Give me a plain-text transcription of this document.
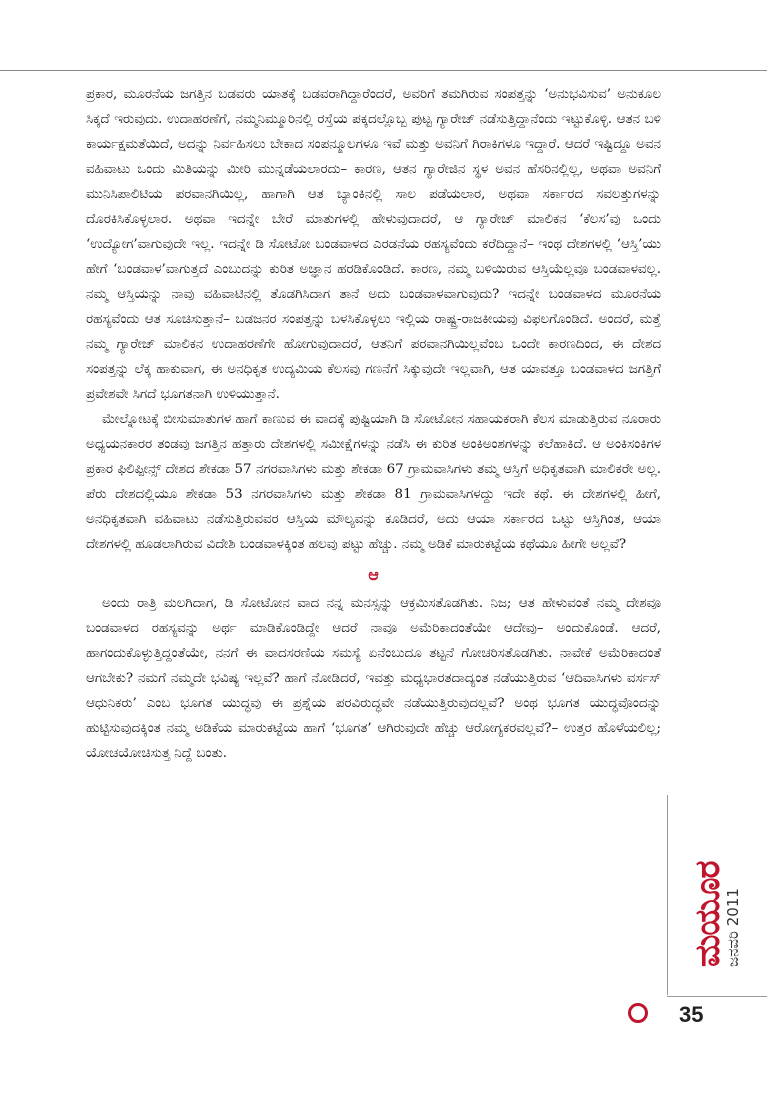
ಪ್ರಕಾರ, ಮೂರನೆಯ ಜಗತ್ತಿನ ಬಡವರು ಯಾತಕ್ಕೆ ಬಡವರಾಗಿದ್ದಾರೆಂದರೆ, ಅವರಿಗೆ ತಮಗಿರುವ ಸಂಪತ್ತನ್ನು ‘ಅನುಭವಿಸುವ’ ಅನುಕೂಲ ಸಿಕ್ಕದೆ ಇರುವುದು. ಉದಾಹರಣೆಗೆ, ನಮ್ಮನಿಮ್ಮೂರಿನಲ್ಲಿ ರಸ್ತೆಯ ಪಕ್ಕದಲ್ಲೊಬ್ಬ ಪುಟ್ಟ ಗ್ಯಾರೇಜ್ ನಡೆಸುತ್ತಿದ್ದಾನೆಂದು ಇಟ್ಟುಕೊಳ್ಳಿ. ಆತನ ಬಳಿ ಕಾರ್ಯಕ್ಷಮತೆಯಿದೆ, ಅದನ್ನು ನಿರ್ವಹಿಸಲು ಬೇಕಾದ ಸಂಪನ್ಮೂಲಗಳೂ ಇವೆ ಮತ್ತು ಅವನಿಗೆ ಗಿರಾಕಿಗಳೂ ಇದ್ದಾರೆ. ಆದರೆ ಇಷ್ಟಿದ್ದೂ ಅವನ ವಹಿವಾಟು ಒಂದು ಮಿತಿಯನ್ನು ಮೀರಿ ಮುನ್ನಡೆಯಲಾರದು– ಕಾರಣ, ಆತನ ಗ್ಯಾರೇಜಿನ ಸ್ಥಳ ಅವನ ಹೆಸರಿನಲ್ಲಿಲ್ಲ, ಅಥವಾ ಅವನಿಗೆ ಮುನಿಸಿಪಾಲಿಟಿಯ ಪರವಾನಗಿಯಿಲ್ಲ, ಹಾಗಾಗಿ ಆತ ಬ್ಯಾಂಕಿನಲ್ಲಿ ಸಾಲ ಪಡೆಯಲಾರ, ಅಥವಾ ಸರ್ಕಾರದ ಸವಲತ್ತುಗಳನ್ನು ದೊರಕಿಸಿಕೊಳ್ಳಲಾರ. ಅಥವಾ ಇದನ್ನೇ ಬೇರೆ ಮಾತುಗಳಲ್ಲಿ ಹೇಳುವುದಾದರೆ, ಆ ಗ್ಯಾರೇಜ್ ಮಾಲಿಕನ ‘ಕೆಲಸ’ವು ಒಂದು ‘ಉದ್ಯೋಗ’ವಾಗುವುದೇ ಇಲ್ಲ. ಇದನ್ನೇ ಡಿ ಸೋಟೋ ಬಂಡವಾಳದ ಎರಡನೆಯ ರಹಸ್ಯವೆಂದು ಕರೆದಿದ್ದಾನೆ– ಇಂಥ ದೇಶಗಳಲ್ಲಿ ‘ಆಸ್ತಿ’ಯು ಹೇಗೆ ‘ಬಂಡವಾಳ’ವಾಗುತ್ತದೆ ಎಂಬುದನ್ನು ಕುರಿತ ಅಜ್ಞಾನ ಹರಡಿಕೊಂಡಿದೆ. ಕಾರಣ, ನಮ್ಮ ಬಳಿಯಿರುವ ಆಸ್ತಿಯೆಲ್ಲವೂ ಬಂಡವಾಳವಲ್ಲ. ನಮ್ಮ ಆಸ್ತಿಯನ್ನು ನಾವು ವಹಿವಾಟಿನಲ್ಲಿ ತೊಡಗಿಸಿದಾಗ ತಾನೆ ಅದು ಬಂಡವಾಳವಾಗುವುದು? ಇದನ್ನೇ ಬಂಡವಾಳದ ಮೂರನೆಯ ರಹಸ್ಯವೆಂದು ಆತ ಸೂಚಿಸುತ್ತಾನೆ– ಬಡಜನರ ಸಂಪತ್ತನ್ನು ಬಳಸಿಕೊಳ್ಳಲು ಇಲ್ಲಿಯ ರಾಷ್ಟ್ರ-ರಾಜಕೀಯವು ವಿಫಲಗೊಂಡಿದೆ. ಅಂದರೆ, ಮತ್ತೆ ನಮ್ಮ ಗ್ಯಾರೇಜ್ ಮಾಲಿಕನ ಉದಾಹರಣೆಗೇ ಹೋಗುವುದಾದರೆ, ಆತನಿಗೆ ಪರವಾನಗಿಯಿಲ್ಲವೆಂಬ ಒಂದೇ ಕಾರಣದಿಂದ, ಈ ದೇಶದ ಸಂಪತ್ತನ್ನು ಲೆಕ್ಕ ಹಾಕುವಾಗ, ಈ ಅನಧಿಕೃತ ಉದ್ಯಮಿಯ ಕೆಲಸವು ಗಣನೆಗೆ ಸಿಕ್ಕುವುದೇ ಇಲ್ಲವಾಗಿ, ಆತ ಯಾವತ್ತೂ ಬಂಡವಾಳದ ಜಗತ್ತಿಗೆ ಪ್ರವೇಶವೇ ಸಿಗದೆ ಭೂಗತನಾಗಿ ಉಳಿಯುತ್ತಾನೆ.

ಮೇಲ್ನೋಟಕ್ಕೆ ಬೀಸುಮಾತುಗಳ ಹಾಗೆ ಕಾಣುವ ಈ ವಾದಕ್ಕೆ ಪುಷ್ಟಿಯಾಗಿ ಡಿ ಸೋಟೋನ ಸಹಾಯಕರಾಗಿ ಕೆಲಸ ಮಾಡುತ್ತಿರುವ ನೂರಾರು ಅಧ್ಯಯನಕಾರರ ತಂಡವು ಜಗತ್ತಿನ ಹತ್ತಾರು ದೇಶಗಳಲ್ಲಿ ಸಮೀಕ್ಷೆಗಳನ್ನು ನಡೆಸಿ ಈ ಕುರಿತ ಅಂಕಿಅಂಶಗಳನ್ನು ಕಲೆಹಾಕಿದೆ. ಆ ಅಂಕಿಸಂಕಿಗಳ ಪ್ರಕಾರ ಫಿಲಿಪ್ಪೀನ್ಸ್ ದೇಶದ ಶೇಕಡಾ 57 ನಗರವಾಸಿಗಳು ಮತ್ತು ಶೇಕಡಾ 67 ಗ್ರಾಮವಾಸಿಗಳು ತಮ್ಮ ಆಸ್ತಿಗೆ ಅಧಿಕೃತವಾಗಿ ಮಾಲಿಕರೇ ಅಲ್ಲ. ಪೆರು ದೇಶದಲ್ಲಿಯೂ ಶೇಕಡಾ 53 ನಗರವಾಸಿಗಳು ಮತ್ತು ಶೇಕಡಾ 81 ಗ್ರಾಮವಾಸಿಗಳದ್ದು ಇದೇ ಕಥೆ. ಈ ದೇಶಗಳಲ್ಲಿ ಹೀಗೆ, ಅನಧಿಕೃತವಾಗಿ ವಹಿವಾಟು ನಡೆಸುತ್ತಿರುವವರ ಆಸ್ತಿಯ ಮೌಲ್ಯವನ್ನು ಕೂಡಿದರೆ, ಅದು ಆಯಾ ಸರ್ಕಾರದ ಒಟ್ಟು ಆಸ್ತಿಗಿಂತ, ಆಯಾ ದೇಶಗಳಲ್ಲಿ ಹೂಡಲಾಗಿರುವ ವಿದೇಶಿ ಬಂಡವಾಳಕ್ಕಿಂತ ಹಲವು ಪಟ್ಟು ಹೆಚ್ಚು. ನಮ್ಮ ಅಡಿಕೆ ಮಾರುಕಟ್ಟೆಯ ಕಥೆಯೂ ಹೀಗೇ ಅಲ್ಲವೆ?

ಆ

ಅಂದು ರಾತ್ರಿ ಮಲಗಿದಾಗ, ಡಿ ಸೋಟೋನ ವಾದ ನನ್ನ ಮನಸ್ಸನ್ನು ಆಕ್ರಮಿಸತೊಡಗಿತು. ನಿಜ; ಆತ ಹೇಳುವಂತೆ ನಮ್ಮ ದೇಶವೂ ಬಂಡವಾಳದ ರಹಸ್ಯವನ್ನು ಅರ್ಥ ಮಾಡಿಕೊಂಡಿದ್ದೇ ಆದರೆ ನಾವೂ ಅಮೆರಿಕಾದಂತೆಯೇ ಆದೇವು– ಅಂದುಕೊಂಡೆ. ಆದರೆ, ಹಾಗಂದುಕೊಳ್ಳುತ್ತಿದ್ದಂತೆಯೇ, ನನಗೆ ಈ ವಾದಸರಣಿಯ ಸಮಸ್ಯೆ ಏನೆಂಬುದೂ ತಟ್ಟನೆ ಗೋಚರಿಸತೊಡಗಿತು. ನಾವೇಕೆ ಅಮೆರಿಕಾದಂತೆ ಆಗಬೇಕು? ನಮಗೆ ನಮ್ಮದೇ ಭವಿಷ್ಯ ಇಲ್ಲವೆ? ಹಾಗೆ ನೋಡಿದರೆ, ಇವತ್ತು ಮಧ್ಯಭಾರತದಾದ್ಯಂತ ನಡೆಯುತ್ತಿರುವ ‘ಆದಿವಾಸಿಗಳು ವರ್ಸಸ್ ಆಧುನಿಕರು’ ಎಂಬ ಭೂಗತ ಯುದ್ಧವು ಈ ಪ್ರಶ್ನೆಯ ಪರವಿರುದ್ಧವೇ ನಡೆಯುತ್ತಿರುವುದಲ್ಲವೆ? ಅಂಥ ಭೂಗತ ಯುದ್ಧವೊಂದನ್ನು ಹುಟ್ಟಿಸುವುದಕ್ಕಿಂತ ನಮ್ಮ ಅಡಿಕೆಯ ಮಾರುಕಟ್ಟೆಯ ಹಾಗೆ ‘ಭೂಗತ’ ಆಗಿರುವುದೇ ಹೆಚ್ಚು ಆರೋಗ್ಯಕರವಲ್ಲವೆ?– ಉತ್ತರ ಹೊಳೆಯಲಿಲ್ಲ; ಯೋಚಯೋಚಿಸುತ್ತ ನಿದ್ದೆ ಬಂತು.

ಮಯೂರ
ಜನವರಿ 2011
35
